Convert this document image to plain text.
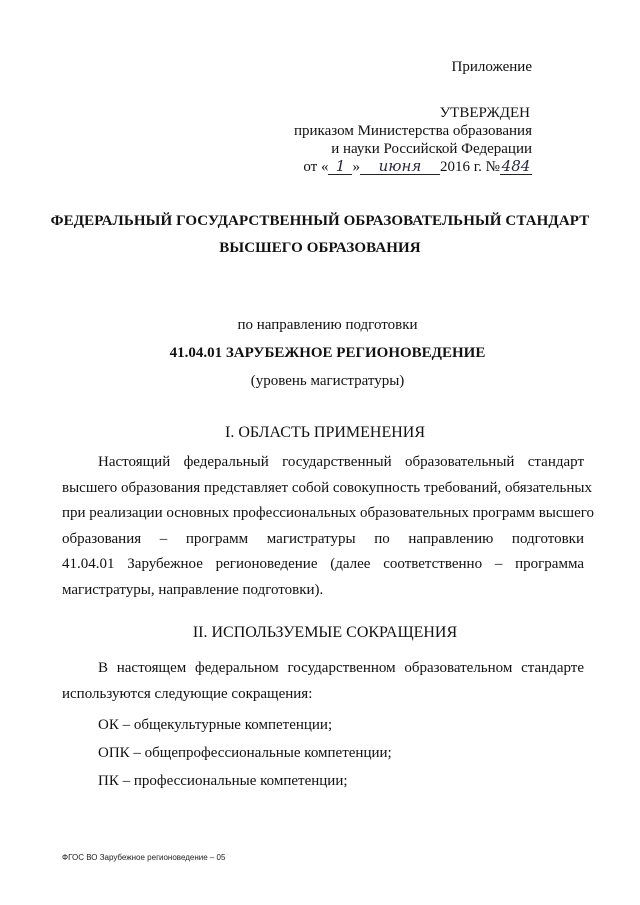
Приложение
УТВЕРЖДЕН
приказом Министерства образования
и науки Российской Федерации
от « 1 » июня 2016 г. № 484
ФЕДЕРАЛЬНЫЙ ГОСУДАРСТВЕННЫЙ ОБРАЗОВАТЕЛЬНЫЙ СТАНДАРТ
ВЫСШЕГО ОБРАЗОВАНИЯ
по направлению подготовки
41.04.01 ЗАРУБЕЖНОЕ РЕГИОНОВЕДЕНИЕ
(уровень магистратуры)
I. ОБЛАСТЬ ПРИМЕНЕНИЯ
Настоящий федеральный государственный образовательный стандарт
высшего образования представляет собой совокупность требований, обязательных
при реализации основных профессиональных образовательных программ высшего
образования – программ магистратуры по направлению подготовки
41.04.01 Зарубежное регионоведение (далее соответственно – программа
магистратуры, направление подготовки).
II. ИСПОЛЬЗУЕМЫЕ СОКРАЩЕНИЯ
В настоящем федеральном государственном образовательном стандарте
используются следующие сокращения:
ОК – общекультурные компетенции;
ОПК – общепрофессиональные компетенции;
ПК – профессиональные компетенции;
ФГОС ВО Зарубежное регионоведение – 05
